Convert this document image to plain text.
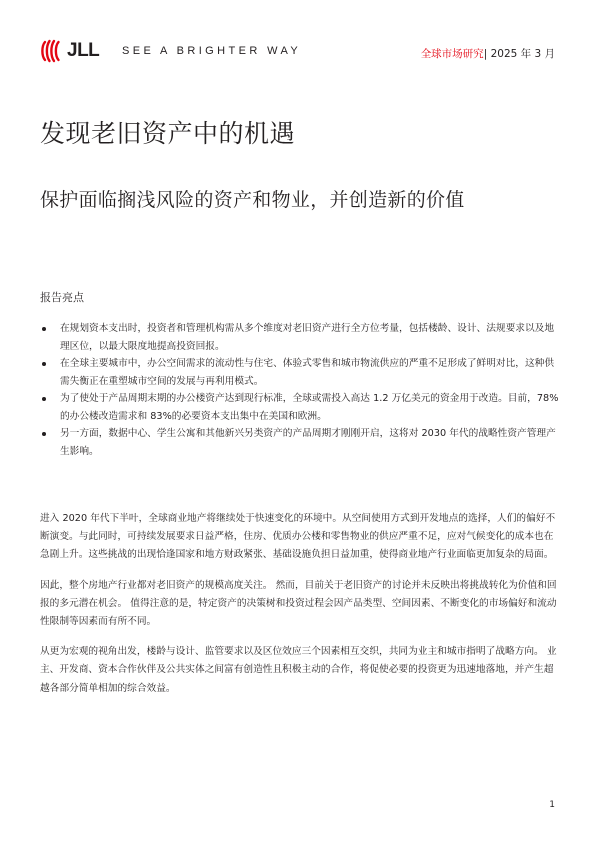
JLL SEE A BRIGHTER WAY	全球市场研究| 2025 年 3 月
发现老旧资产中的机遇
保护面临搁浅风险的资产和物业，并创造新的价值
报告亮点
在规划资本支出时，投资者和管理机构需从多个维度对老旧资产进行全方位考量，包括楼龄、设计、法规要求以及地理区位，以最大限度地提高投资回报。
在全球主要城市中，办公空间需求的流动性与住宅、体验式零售和城市物流供应的严重不足形成了鲜明对比，这种供需失衡正在重塑城市空间的发展与再利用模式。
为了使处于产品周期末期的办公楼资产达到现行标准，全球或需投入高达 1.2 万亿美元的资金用于改造。目前，78%的办公楼改造需求和 83%的必要资本支出集中在美国和欧洲。
另一方面，数据中心、学生公寓和其他新兴另类资产的产品周期才刚刚开启，这将对 2030 年代的战略性资产管理产生影响。

进入 2020 年代下半叶，全球商业地产将继续处于快速变化的环境中。从空间使用方式到开发地点的选择，人们的偏好不断演变。与此同时，可持续发展要求日益严格，住房、优质办公楼和零售物业的供应严重不足，应对气候变化的成本也在急剧上升。这些挑战的出现恰逢国家和地方财政紧张、基础设施负担日益加重，使得商业地产行业面临更加复杂的局面。

因此，整个房地产行业都对老旧资产的规模高度关注。 然而，目前关于老旧资产的讨论并未反映出将挑战转化为价值和回报的多元潜在机会。 值得注意的是，特定资产的决策树和投资过程会因产品类型、空间因素、不断变化的市场偏好和流动性限制等因素而有所不同。

从更为宏观的视角出发，楼龄与设计、监管要求以及区位效应三个因素相互交织，共同为业主和城市指明了战略方向。 业主、开发商、资本合作伙伴及公共实体之间富有创造性且积极主动的合作，将促使必要的投资更为迅速地落地，并产生超越各部分简单相加的综合效益。

1
